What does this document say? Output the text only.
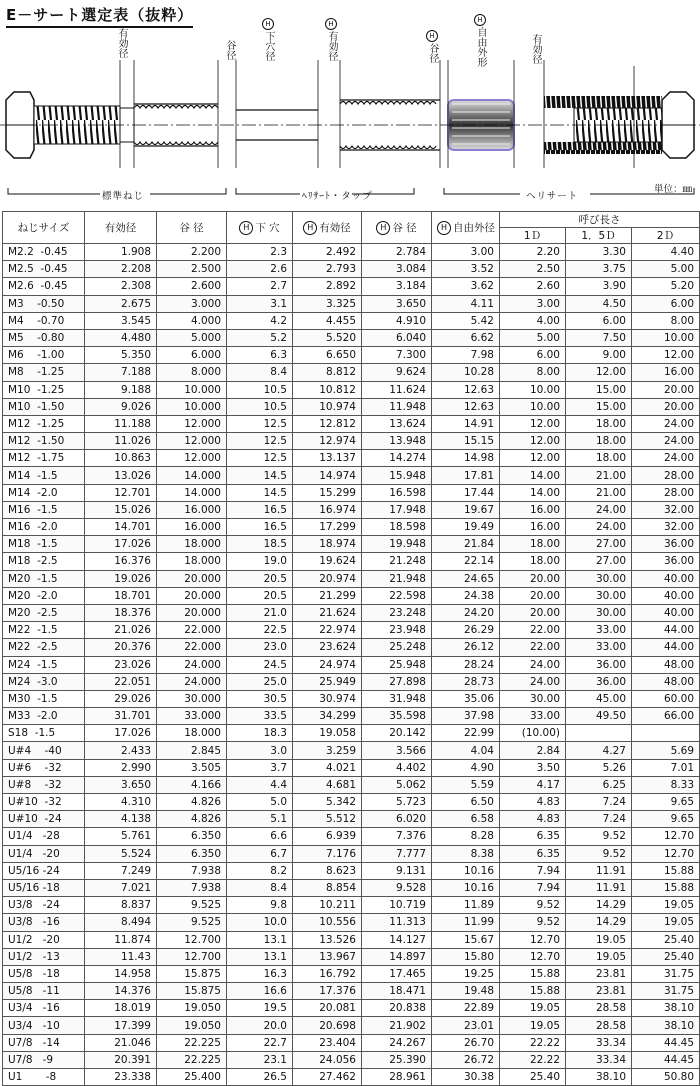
E－サート選定表（抜粋）
有効径	谷径
H下穴径
H有効径	H谷径
H自由外形	有効径
標準ねじ	ﾍﾘｻｰﾄ・タップ	ヘリサート
単位：㎜
ねじサイズ	有効径	谷 径	H 下 穴	H 有効径	H 谷 径	H 自由外径	呼び長さ		
							1Ｄ	1．5Ｄ	2Ｄ
M2.2  -0.45	1.908	2.200	2.3	2.492	2.784	3.00	2.20	3.30	4.40
M2.5  -0.45	2.208	2.500	2.6	2.793	3.084	3.52	2.50	3.75	5.00
M2.6  -0.45	2.308	2.600	2.7	2.892	3.184	3.62	2.60	3.90	5.20
M3    -0.50	2.675	3.000	3.1	3.325	3.650	4.11	3.00	4.50	6.00
M4    -0.70	3.545	4.000	4.2	4.455	4.910	5.42	4.00	6.00	8.00
M5    -0.80	4.480	5.000	5.2	5.520	6.040	6.62	5.00	7.50	10.00
M6    -1.00	5.350	6.000	6.3	6.650	7.300	7.98	6.00	9.00	12.00
M8    -1.25	7.188	8.000	8.4	8.812	9.624	10.28	8.00	12.00	16.00
M10  -1.25	9.188	10.000	10.5	10.812	11.624	12.63	10.00	15.00	20.00
M10  -1.50	9.026	10.000	10.5	10.974	11.948	12.63	10.00	15.00	20.00
M12  -1.25	11.188	12.000	12.5	12.812	13.624	14.91	12.00	18.00	24.00
M12  -1.50	11.026	12.000	12.5	12.974	13.948	15.15	12.00	18.00	24.00
M12  -1.75	10.863	12.000	12.5	13.137	14.274	14.98	12.00	18.00	24.00
M14  -1.5	13.026	14.000	14.5	14.974	15.948	17.81	14.00	21.00	28.00
M14  -2.0	12.701	14.000	14.5	15.299	16.598	17.44	14.00	21.00	28.00
M16  -1.5	15.026	16.000	16.5	16.974	17.948	19.67	16.00	24.00	32.00
M16  -2.0	14.701	16.000	16.5	17.299	18.598	19.49	16.00	24.00	32.00
M18  -1.5	17.026	18.000	18.5	18.974	19.948	21.84	18.00	27.00	36.00
M18  -2.5	16.376	18.000	19.0	19.624	21.248	22.14	18.00	27.00	36.00
M20  -1.5	19.026	20.000	20.5	20.974	21.948	24.65	20.00	30.00	40.00
M20  -2.0	18.701	20.000	20.5	21.299	22.598	24.38	20.00	30.00	40.00
M20  -2.5	18.376	20.000	21.0	21.624	23.248	24.20	20.00	30.00	40.00
M22  -1.5	21.026	22.000	22.5	22.974	23.948	26.29	22.00	33.00	44.00
M22  -2.5	20.376	22.000	23.0	23.624	25.248	26.12	22.00	33.00	44.00
M24  -1.5	23.026	24.000	24.5	24.974	25.948	28.24	24.00	36.00	48.00
M24  -3.0	22.051	24.000	25.0	25.949	27.898	28.73	24.00	36.00	48.00
M30  -1.5	29.026	30.000	30.5	30.974	31.948	35.06	30.00	45.00	60.00
M33  -2.0	31.701	33.000	33.5	34.299	35.598	37.98	33.00	49.50	66.00
S18  -1.5	17.026	18.000	18.3	19.058	20.142	22.99	(10.00)		
U#4    -40	2.433	2.845	3.0	3.259	3.566	4.04	2.84	4.27	5.69
U#6    -32	2.990	3.505	3.7	4.021	4.402	4.90	3.50	5.26	7.01
U#8    -32	3.650	4.166	4.4	4.681	5.062	5.59	4.17	6.25	8.33
U#10  -32	4.310	4.826	5.0	5.342	5.723	6.50	4.83	7.24	9.65
U#10  -24	4.138	4.826	5.1	5.512	6.020	6.58	4.83	7.24	9.65
U1/4   -28	5.761	6.350	6.6	6.939	7.376	8.28	6.35	9.52	12.70
U1/4   -20	5.524	6.350	6.7	7.176	7.777	8.38	6.35	9.52	12.70
U5/16 -24	7.249	7.938	8.2	8.623	9.131	10.16	7.94	11.91	15.88
U5/16 -18	7.021	7.938	8.4	8.854	9.528	10.16	7.94	11.91	15.88
U3/8   -24	8.837	9.525	9.8	10.211	10.719	11.89	9.52	14.29	19.05
U3/8   -16	8.494	9.525	10.0	10.556	11.313	11.99	9.52	14.29	19.05
U1/2   -20	11.874	12.700	13.1	13.526	14.127	15.67	12.70	19.05	25.40
U1/2   -13	11.43	12.700	13.1	13.967	14.897	15.80	12.70	19.05	25.40
U5/8   -18	14.958	15.875	16.3	16.792	17.465	19.25	15.88	23.81	31.75
U5/8   -11	14.376	15.875	16.6	17.376	18.471	19.48	15.88	23.81	31.75
U3/4   -16	18.019	19.050	19.5	20.081	20.838	22.89	19.05	28.58	38.10
U3/4   -10	17.399	19.050	20.0	20.698	21.902	23.01	19.05	28.58	38.10
U7/8   -14	21.046	22.225	22.7	23.404	24.267	26.70	22.22	33.34	44.45
U7/8   -9	20.391	22.225	23.1	24.056	25.390	26.72	22.22	33.34	44.45
U1       -8	23.338	25.400	26.5	27.462	28.961	30.38	25.40	38.10	50.80
